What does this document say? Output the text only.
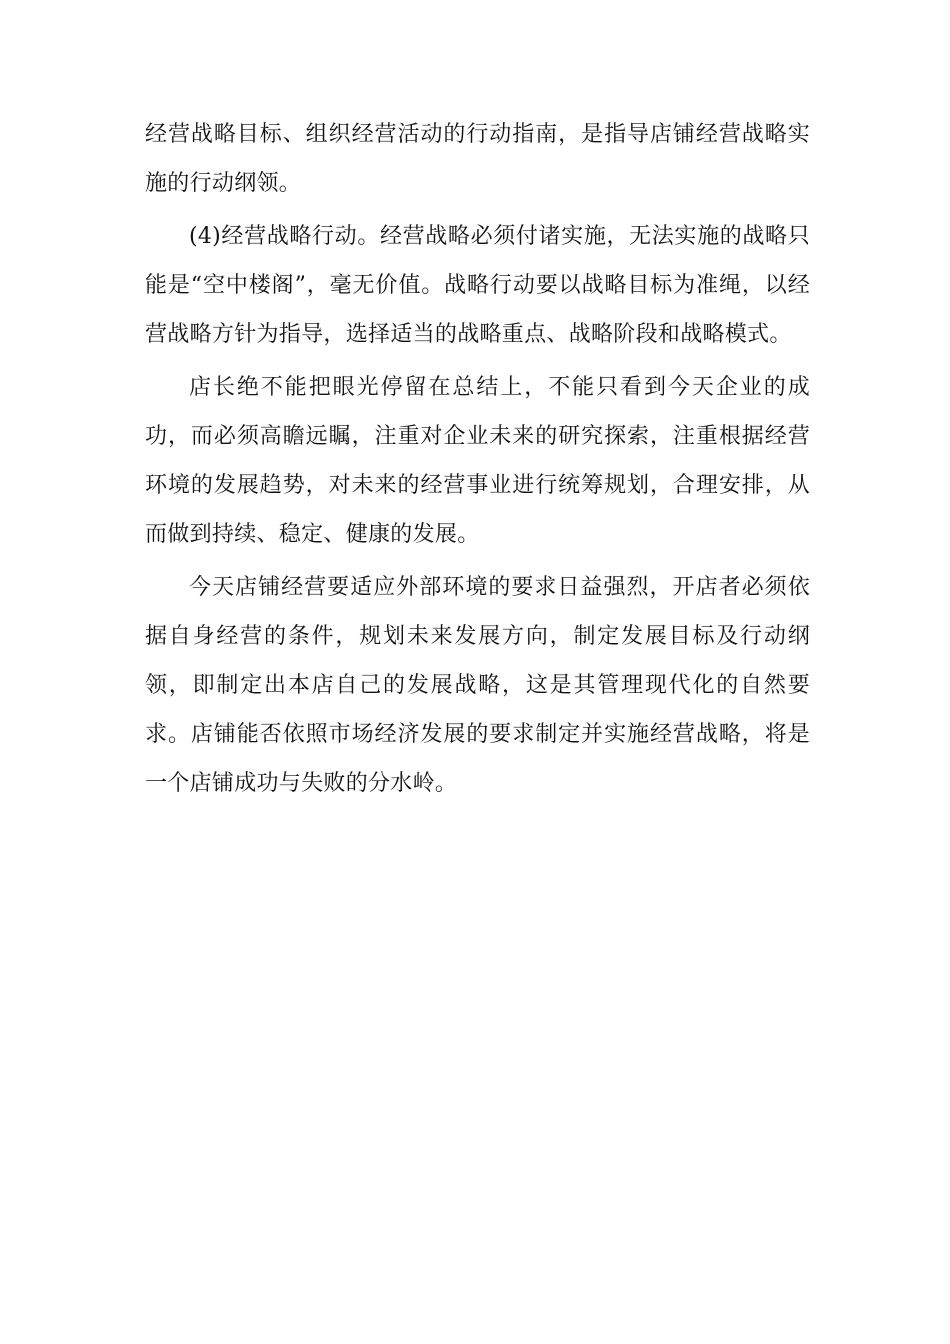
经营战略目标、组织经营活动的行动指南，是指导店铺经营战略实施的行动纲领。

(4)经营战略行动。经营战略必须付诸实施，无法实施的战略只能是“空中楼阁”，毫无价值。战略行动要以战略目标为准绳，以经营战略方针为指导，选择适当的战略重点、战略阶段和战略模式。

店长绝不能把眼光停留在总结上，不能只看到今天企业的成功，而必须高瞻远瞩，注重对企业未来的研究探索，注重根据经营环境的发展趋势，对未来的经营事业进行统筹规划，合理安排，从而做到持续、稳定、健康的发展。

今天店铺经营要适应外部环境的要求日益强烈，开店者必须依据自身经营的条件，规划未来发展方向，制定发展目标及行动纲领，即制定出本店自己的发展战略，这是其管理现代化的自然要求。店铺能否依照市场经济发展的要求制定并实施经营战略，将是一个店铺成功与失败的分水岭。
